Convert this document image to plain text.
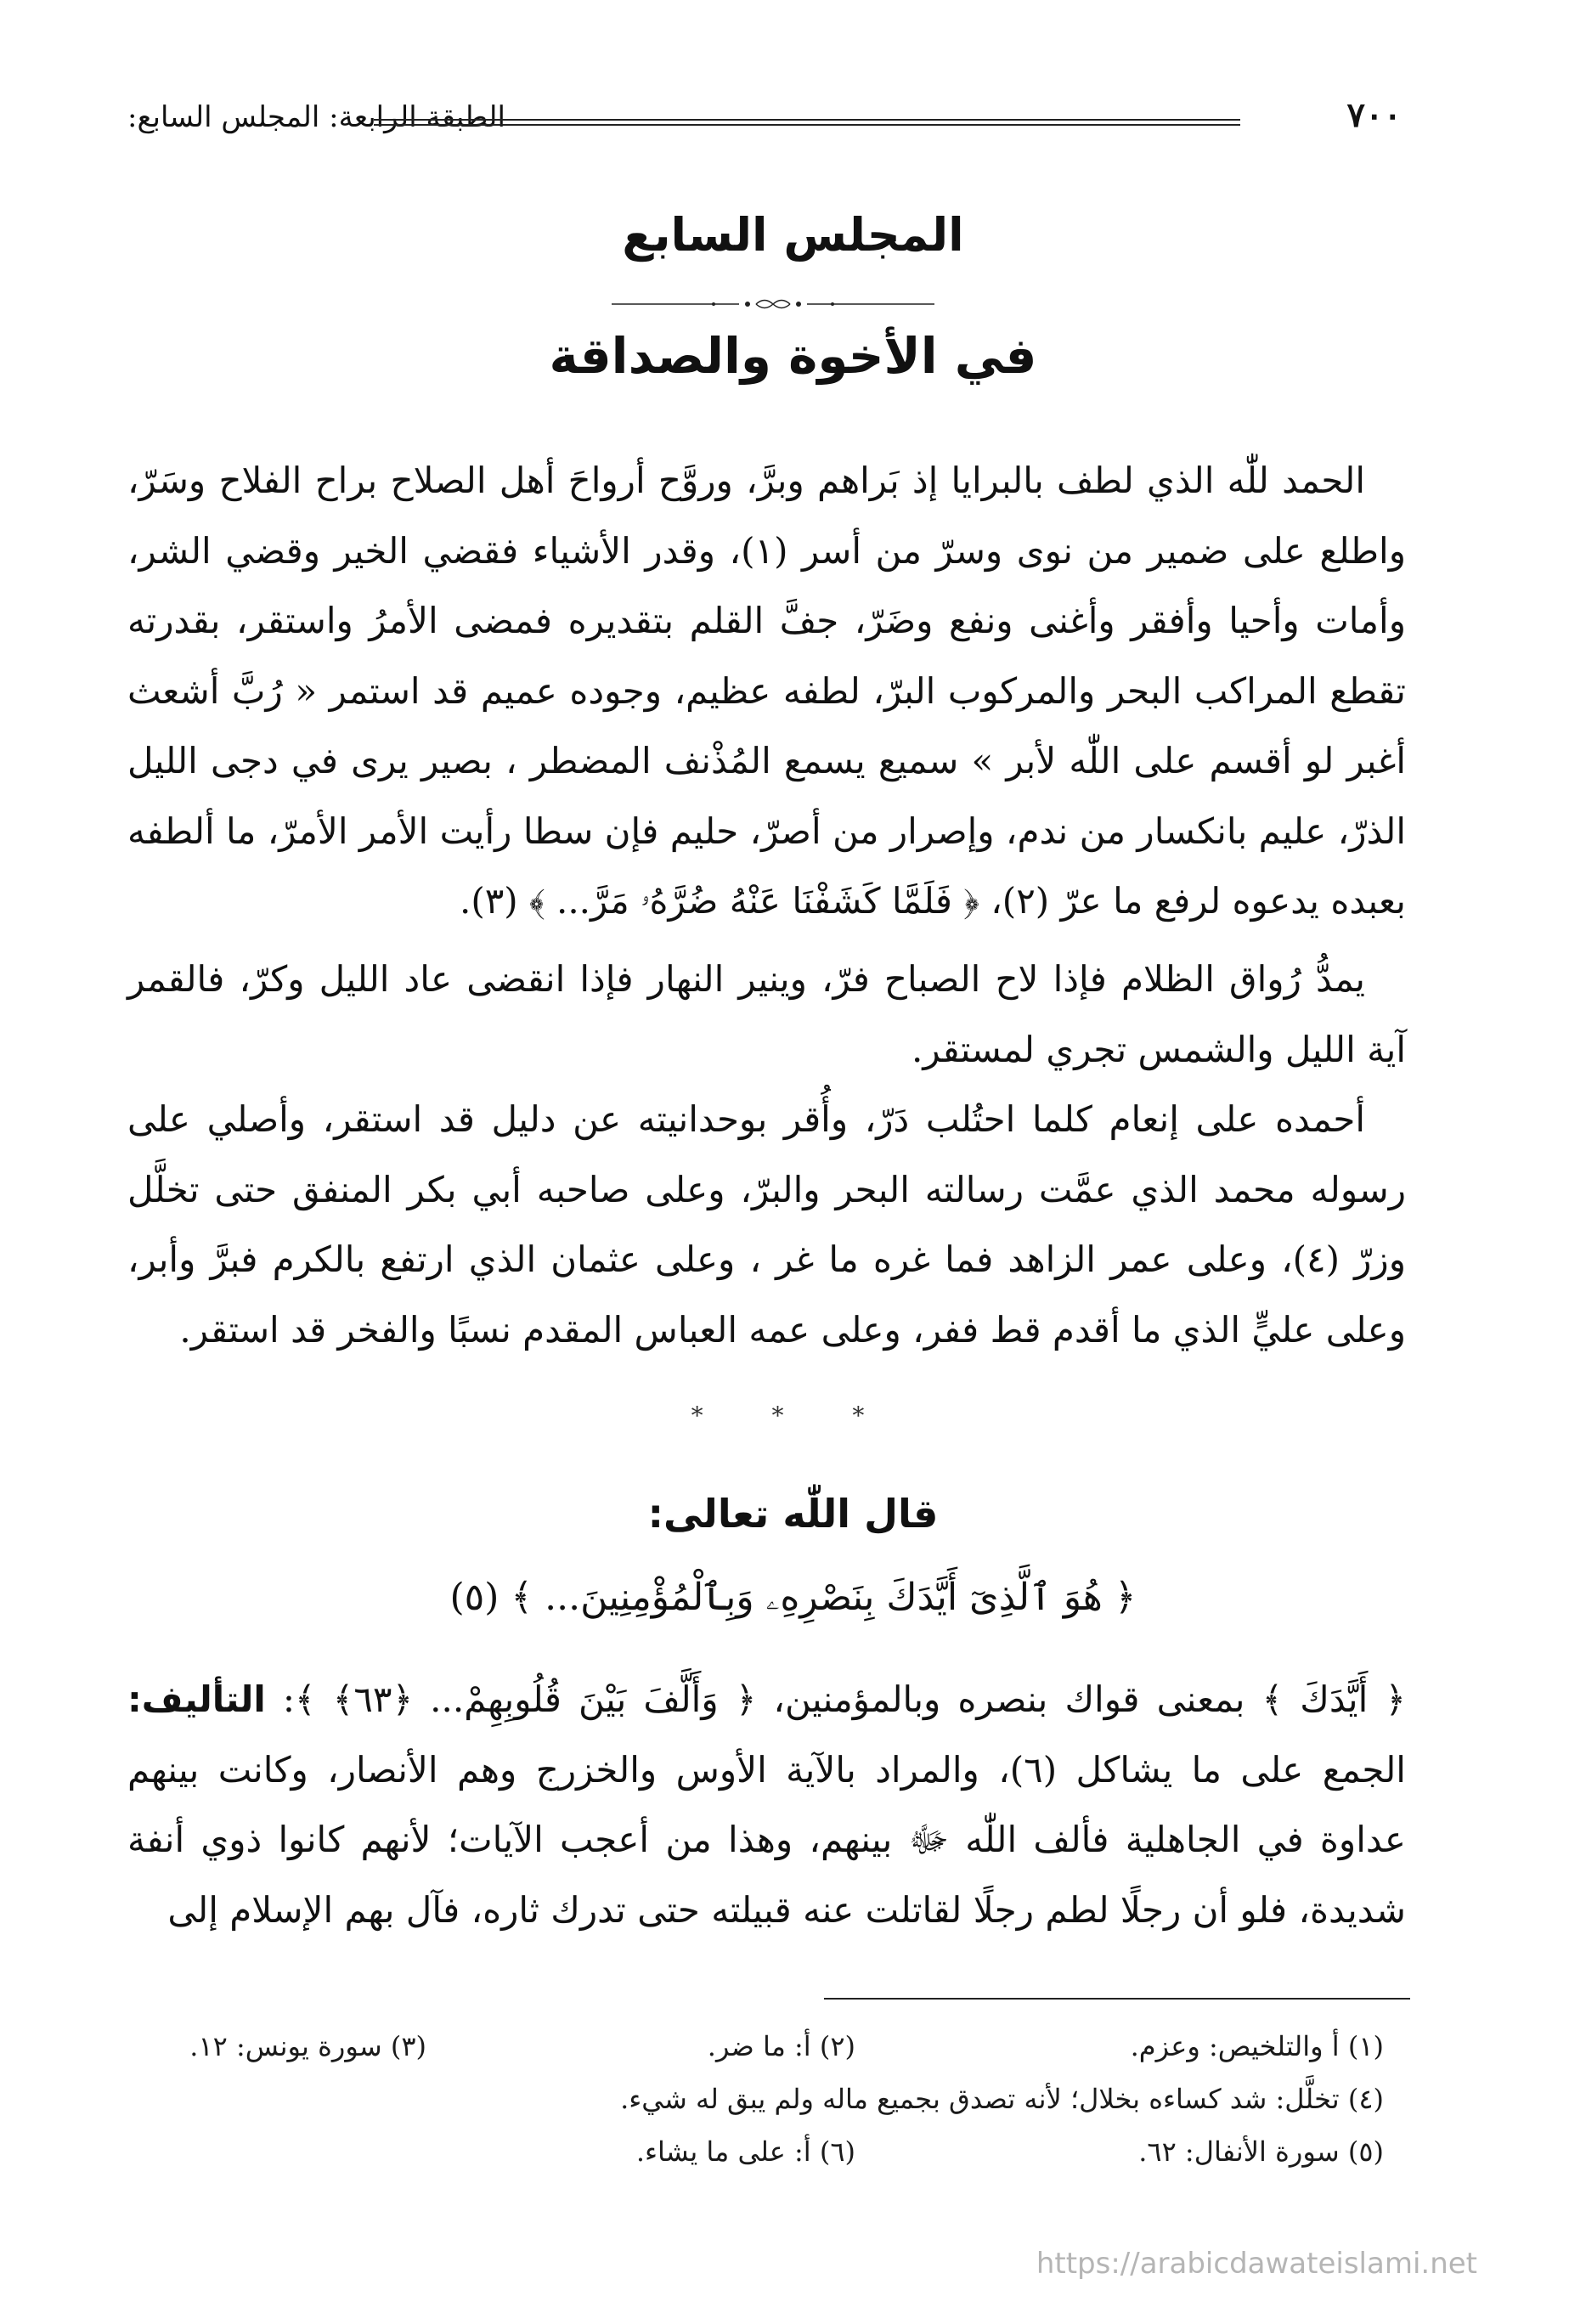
الطبقة الرابعة: المجلس السابع:	٧٠٠
المجلس السابع
في الأخوة والصداقة

الحمد للّٰه الذي لطف بالبرايا إذ بَراهم وبرَّ، وروَّح أرواحَ أهل الصلاح براح الفلاح وسَرّ، واطلع على ضمير من نوى وسرّ من أسر (١)، وقدر الأشياء فقضي الخير وقضي الشر، وأمات وأحيا وأفقر وأغنى ونفع وضَرّ، جفَّ القلم بتقديره فمضى الأمرُ واستقر، بقدرته تقطع المراكب البحر والمركوب البرّ، لطفه عظيم، وجوده عميم قد استمر « رُبَّ أشعث أغبر لو أقسم على اللّٰه لأبر » سميع يسمع المُذْنف المضطر ، بصير يرى في دجى الليل الذرّ، عليم بانكسار من ندم، وإصرار من أصرّ، حليم فإن سطا رأيت الأمر الأمرّ، ما ألطفه بعبده يدعوه لرفع ما عرّ (٢)، ﴿ فَلَمَّا كَشَفْنَا عَنْهُ ضُرَّهُۥ مَرَّ... ﴾ (٣).

يمدُّ رُواق الظلام فإذا لاح الصباح فرّ، وينير النهار فإذا انقضى عاد الليل وكرّ، فالقمر آية الليل والشمس تجري لمستقر.

أحمده على إنعام كلما احتُلب دَرّ، وأُقر بوحدانيته عن دليل قد استقر، وأصلي على رسوله محمد الذي عمَّت رسالته البحر والبرّ، وعلى صاحبه أبي بكر المنفق حتى تخلَّل وزرّ (٤)، وعلى عمر الزاهد فما غره ما غر ، وعلى عثمان الذي ارتفع بالكرم فبرَّ وأبر، وعلى عليٍّ الذي ما أقدم قط ففر، وعلى عمه العباس المقدم نسبًا والفخر قد استقر.

* * *
قال اللّٰه تعالى:
﴿ هُوَ ٱلَّذِىٓ أَيَّدَكَ بِنَصْرِهِۦ وَبِٱلْمُؤْمِنِينَ... ﴾ (٥)

﴿ أَيَّدَكَ ﴾ بمعنى قواك بنصره وبالمؤمنين، ﴿ وَأَلَّفَ بَيْنَ قُلُوبِهِمْ... ﴿٦٣﴾ ﴾: التأليف: الجمع على ما يشاكل (٦)، والمراد بالآية الأوس والخزرج وهم الأنصار، وكانت بينهم عداوة في الجاهلية فألف اللّٰه ﷻ بينهم، وهذا من أعجب الآيات؛ لأنهم كانوا ذوي أنفة شديدة، فلو أن رجلًا لطم رجلًا لقاتلت عنه قبيلته حتى تدرك ثاره، فآل بهم الإسلام إلى

(١) أ والتلخيص: وعزم.
(٢) أ: ما ضر.
(٣) سورة يونس: ١٢.
(٤) تخلَّل: شد كساءه بخلال؛ لأنه تصدق بجميع ماله ولم يبق له شيء.
(٥) سورة الأنفال: ٦٢.
(٦) أ: على ما يشاء.
https://arabicdawateislami.net
